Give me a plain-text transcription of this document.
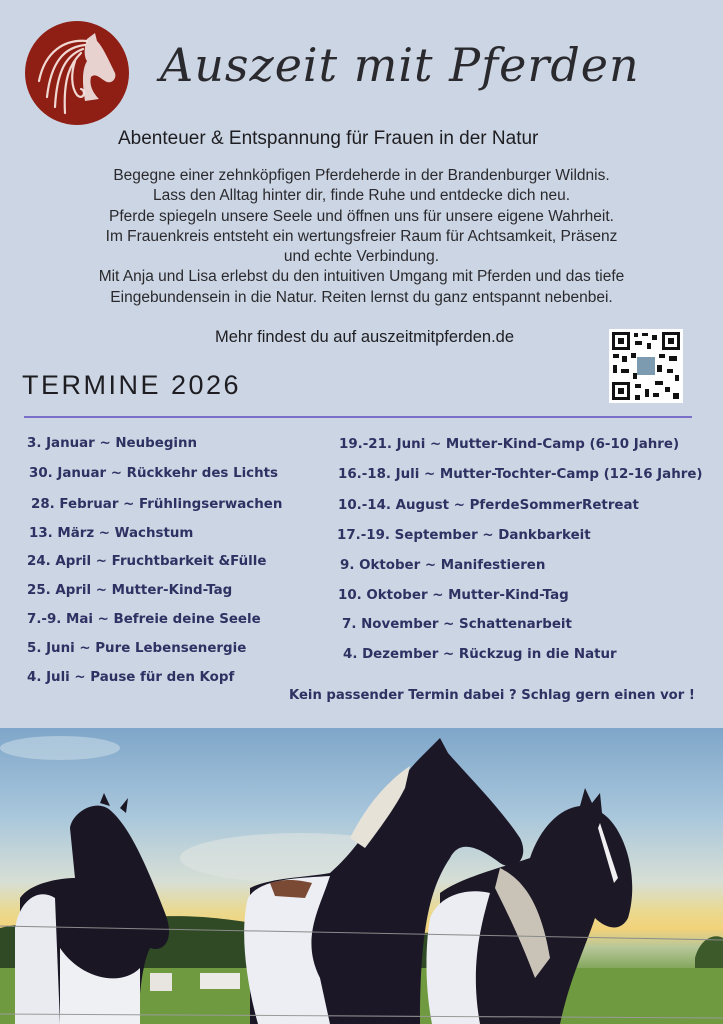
Auszeit mit Pferden
Abenteuer & Entspannung für Frauen in der Natur
Begegne einer zehnköpfigen Pferdeherde in der Brandenburger Wildnis.
Lass den Alltag hinter dir, finde Ruhe und entdecke dich neu.
Pferde spiegeln unsere Seele und öffnen uns für unsere eigene Wahrheit.
Im Frauenkreis entsteht ein wertungsfreier Raum für Achtsamkeit, Präsenz
und echte Verbindung.
Mit Anja und Lisa erlebst du den intuitiven Umgang mit Pferden und das tiefe
Eingebundensein in die Natur. Reiten lernst du ganz entspannt nebenbei.
Mehr findest du auf auszeitmitpferden.de
TERMINE 2026
3. Januar ~ Neubeginn
30. Januar ~ Rückkehr des Lichts
28. Februar ~ Frühlingserwachen
13. März ~ Wachstum
24. April ~ Fruchtbarkeit &Fülle
25. April ~ Mutter-Kind-Tag
7.-9. Mai ~ Befreie deine Seele
5. Juni ~ Pure Lebensenergie
4. Juli ~ Pause für den Kopf
19.-21. Juni ~ Mutter-Kind-Camp (6-10 Jahre)
16.-18. Juli ~ Mutter-Tochter-Camp (12-16 Jahre)
10.-14. August ~ PferdeSommerRetreat
17.-19. September ~ Dankbarkeit
9. Oktober ~ Manifestieren
10. Oktober ~ Mutter-Kind-Tag
7. November ~ Schattenarbeit
4. Dezember ~ Rückzug in die Natur
Kein passender Termin dabei ? Schlag gern einen vor !
